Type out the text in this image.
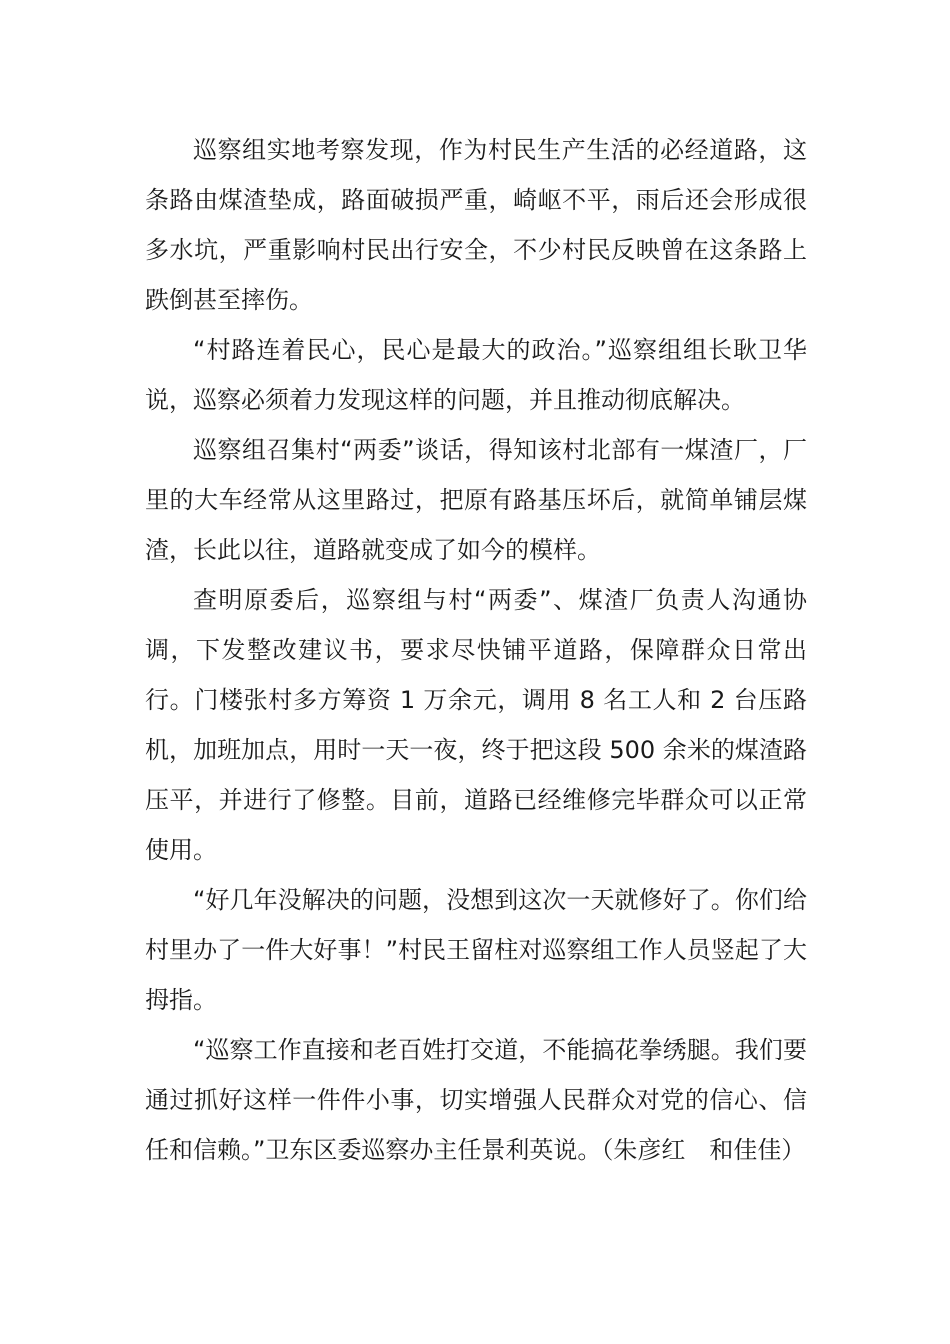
巡察组实地考察发现，作为村民生产生活的必经道路，这条路由煤渣垫成，路面破损严重，崎岖不平，雨后还会形成很多水坑，严重影响村民出行安全，不少村民反映曾在这条路上跌倒甚至摔伤。

“村路连着民心，民心是最大的政治。”巡察组组长耿卫华说，巡察必须着力发现这样的问题，并且推动彻底解决。

巡察组召集村“两委”谈话，得知该村北部有一煤渣厂，厂里的大车经常从这里路过，把原有路基压坏后，就简单铺层煤渣，长此以往，道路就变成了如今的模样。

查明原委后，巡察组与村“两委”、煤渣厂负责人沟通协调，下发整改建议书，要求尽快铺平道路，保障群众日常出行。门楼张村多方筹资 1 万余元，调用 8 名工人和 2 台压路机，加班加点，用时一天一夜，终于把这段 500 余米的煤渣路压平，并进行了修整。目前，道路已经维修完毕群众可以正常使用。

“好几年没解决的问题，没想到这次一天就修好了。你们给村里办了一件大好事！”村民王留柱对巡察组工作人员竖起了大拇指。

“巡察工作直接和老百姓打交道，不能搞花拳绣腿。我们要通过抓好这样一件件小事，切实增强人民群众对党的信心、信任和信赖。”卫东区委巡察办主任景利英说。（朱彦红　和佳佳）
